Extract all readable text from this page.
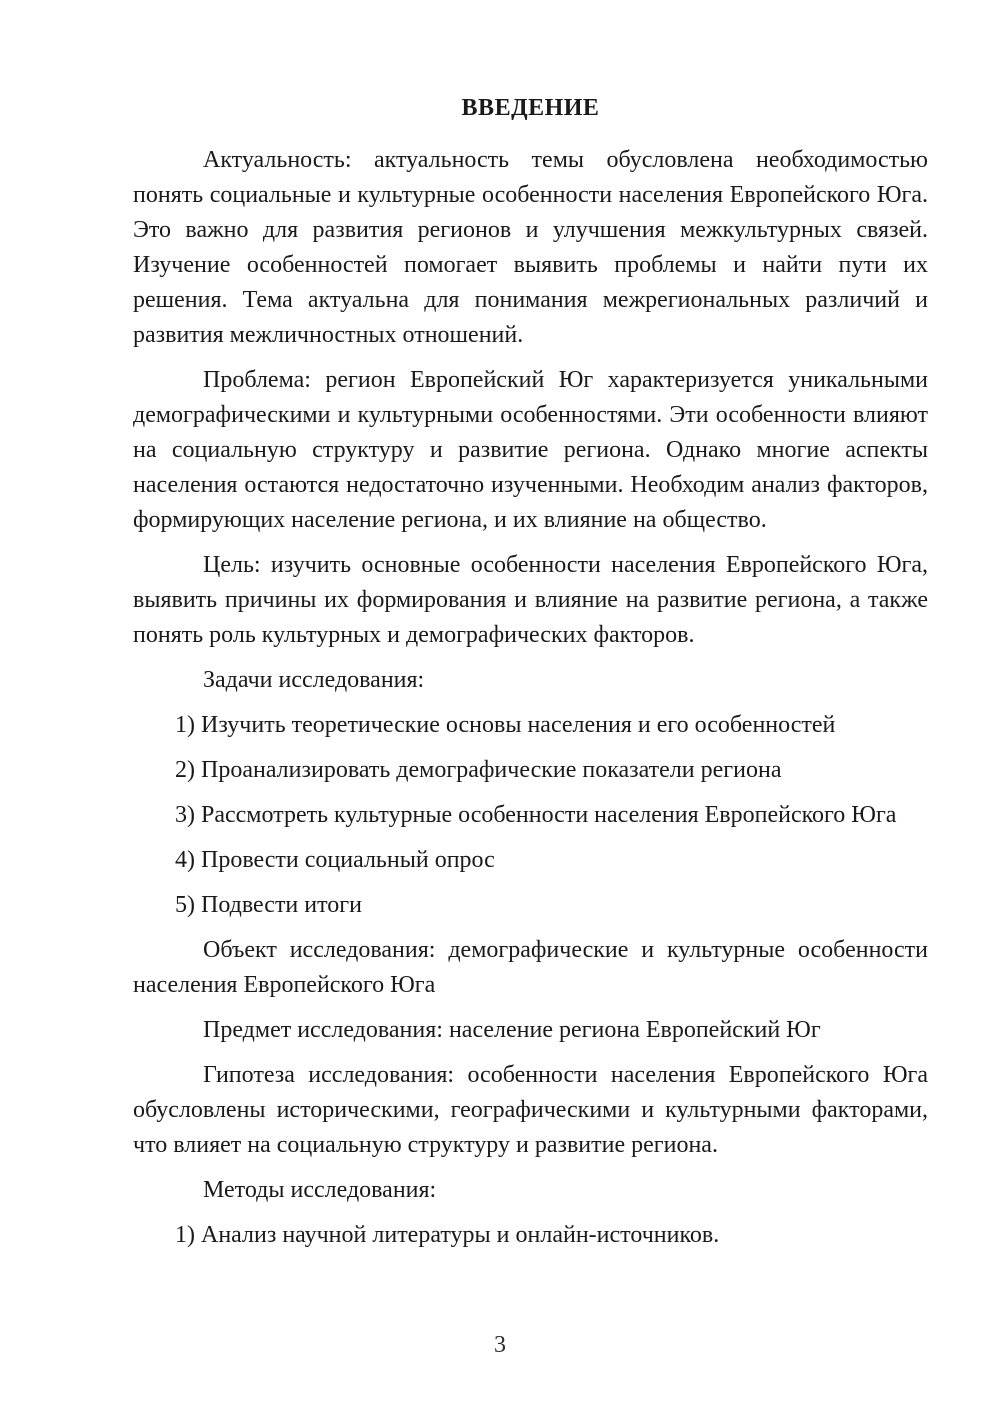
ВВЕДЕНИЕ

Актуальность: актуальность темы обусловлена необходимостью понять социальные и культурные особенности населения Европейского Юга. Это важно для развития регионов и улучшения межкультурных связей. Изучение особенностей помогает выявить проблемы и найти пути их решения. Тема актуальна для понимания межрегиональных различий и развития межличностных отношений.

Проблема: регион Европейский Юг характеризуется уникальными демографическими и культурными особенностями. Эти особенности влияют на социальную структуру и развитие региона. Однако многие аспекты населения остаются недостаточно изученными. Необходим анализ факторов, формирующих население региона, и их влияние на общество.

Цель: изучить основные особенности населения Европейского Юга, выявить причины их формирования и влияние на развитие региона, а также понять роль культурных и демографических факторов.

Задачи исследования:

1) Изучить теоретические основы населения и его особенностей

2) Проанализировать демографические показатели региона

3) Рассмотреть культурные особенности населения Европейского Юга

4) Провести социальный опрос

5) Подвести итоги

Объект исследования: демографические и культурные особенности населения Европейского Юга

Предмет исследования: население региона Европейский Юг

Гипотеза исследования: особенности населения Европейского Юга обусловлены историческими, географическими и культурными факторами, что влияет на социальную структуру и развитие региона.

Методы исследования:

1) Анализ научной литературы и онлайн-источников.

3
